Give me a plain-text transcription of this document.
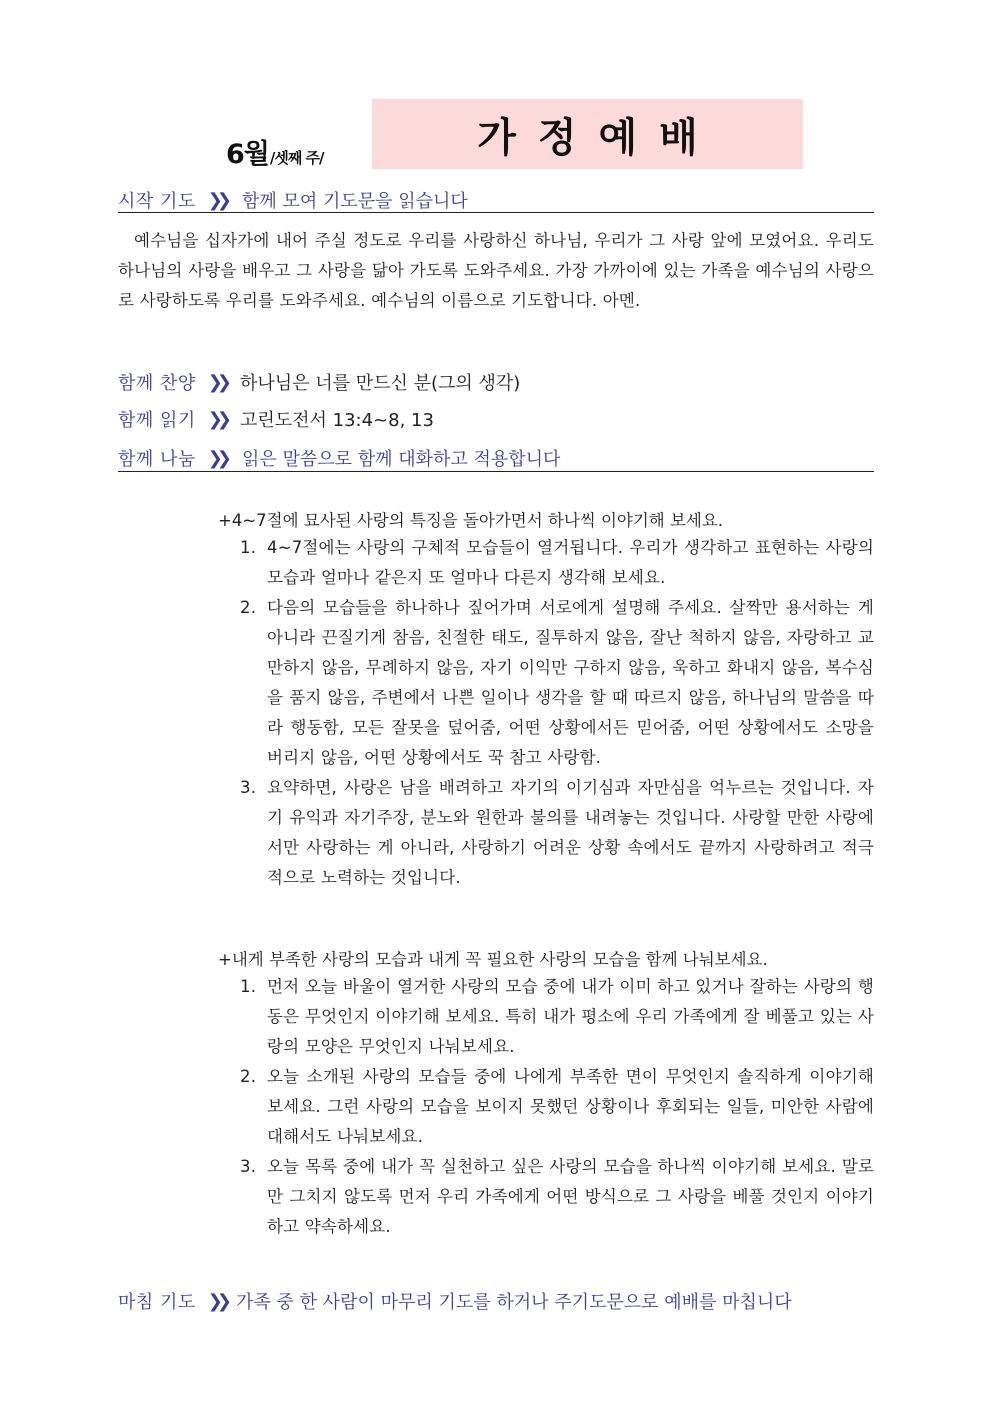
6월/셋째 주/	가정예배
시작 기도 ❯❯ 함께 모여 기도문을 읽습니다
예수님을 십자가에 내어 주실 정도로 우리를 사랑하신 하나님, 우리가 그 사랑 앞에 모였어요. 우리도 하나님의 사랑을 배우고 그 사랑을 닮아 가도록 도와주세요. 가장 가까이에 있는 가족을 예수님의 사랑으로 사랑하도록 우리를 도와주세요. 예수님의 이름으로 기도합니다. 아멘.
함께 찬양 ❯❯ 하나님은 너를 만드신 분(그의 생각)
함께 읽기 ❯❯ 고린도전서 13:4~8, 13
함께 나눔 ❯❯ 읽은 말씀으로 함께 대화하고 적용합니다
+4~7절에 묘사된 사랑의 특징을 돌아가면서 하나씩 이야기해 보세요.
1. 4~7절에는 사랑의 구체적 모습들이 열거됩니다. 우리가 생각하고 표현하는 사랑의 모습과 얼마나 같은지 또 얼마나 다른지 생각해 보세요.
2. 다음의 모습들을 하나하나 짚어가며 서로에게 설명해 주세요. 살짝만 용서하는 게 아니라 끈질기게 참음, 친절한 태도, 질투하지 않음, 잘난 척하지 않음, 자랑하고 교만하지 않음, 무례하지 않음, 자기 이익만 구하지 않음, 욱하고 화내지 않음, 복수심을 품지 않음, 주변에서 나쁜 일이나 생각을 할 때 따르지 않음, 하나님의 말씀을 따라 행동함, 모든 잘못을 덮어줌, 어떤 상황에서든 믿어줌, 어떤 상황에서도 소망을 버리지 않음, 어떤 상황에서도 꾹 참고 사랑함.
3. 요약하면, 사랑은 남을 배려하고 자기의 이기심과 자만심을 억누르는 것입니다. 자기 유익과 자기주장, 분노와 원한과 불의를 내려놓는 것입니다. 사랑할 만한 사랑에서만 사랑하는 게 아니라, 사랑하기 어려운 상황 속에서도 끝까지 사랑하려고 적극적으로 노력하는 것입니다.
+내게 부족한 사랑의 모습과 내게 꼭 필요한 사랑의 모습을 함께 나눠보세요.
1. 먼저 오늘 바울이 열거한 사랑의 모습 중에 내가 이미 하고 있거나 잘하는 사랑의 행동은 무엇인지 이야기해 보세요. 특히 내가 평소에 우리 가족에게 잘 베풀고 있는 사랑의 모양은 무엇인지 나눠보세요.
2. 오늘 소개된 사랑의 모습들 중에 나에게 부족한 면이 무엇인지 솔직하게 이야기해 보세요. 그런 사랑의 모습을 보이지 못했던 상황이나 후회되는 일들, 미안한 사람에 대해서도 나눠보세요.
3. 오늘 목록 중에 내가 꼭 실천하고 싶은 사랑의 모습을 하나씩 이야기해 보세요. 말로만 그치지 않도록 먼저 우리 가족에게 어떤 방식으로 그 사랑을 베풀 것인지 이야기하고 약속하세요.
마침 기도 ❯❯ 가족 중 한 사람이 마무리 기도를 하거나 주기도문으로 예배를 마칩니다
